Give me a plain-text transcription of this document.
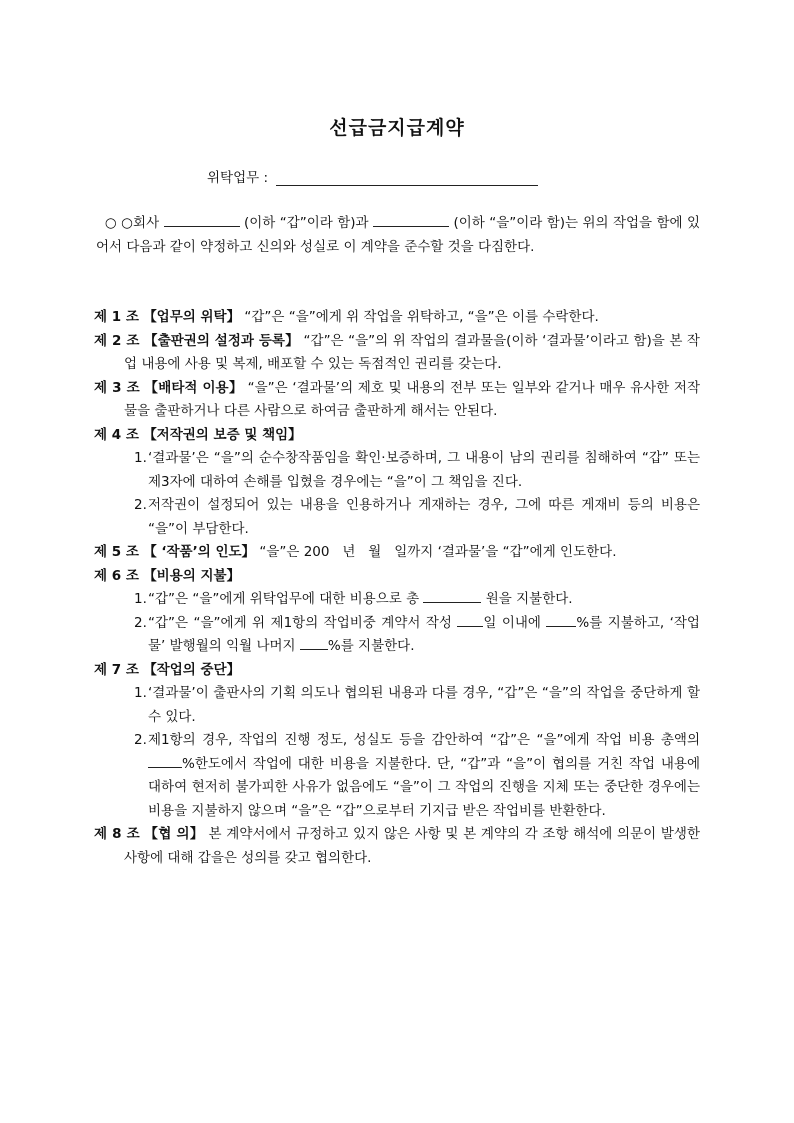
선급금지급계약
위탁업무 :
○ ○회사	(이하 “갑”이라 함)과	(이하 “을”이라 함)는 위의 작업을 함에 있어서 다음과 같이 약정하고 신의와 성실로 이 계약을 준수할 것을 다짐한다.
제 1 조 【업무의 위탁】 “갑”은 “을”에게 위 작업을 위탁하고, “을”은 이를 수락한다.
제 2 조 【출판권의 설정과 등록】 “갑”은 “을”의 위 작업의 결과물을(이하 ‘결과물’이라고 함)을 본 작업 내용에 사용 및 복제, 배포할 수 있는 독점적인 권리를 갖는다.
제 3 조 【배타적 이용】 “을”은 ‘결과물’의 제호 및 내용의 전부 또는 일부와 같거나 매우 유사한 저작물을 출판하거나 다른 사람으로 하여금 출판하게 해서는 안된다.
제 4 조 【저작권의 보증 및 책임】
1.‘결과물’은 “을”의 순수창작품임을 확인·보증하며, 그 내용이 남의 권리를 침해하여 “갑” 또는 제3자에 대하여 손해를 입혔을 경우에는 “을”이 그 책임을 진다.
2.저작권이 설정되어 있는 내용을 인용하거나 게재하는 경우, 그에 따른 게재비 등의 비용은 “을”이 부담한다.
제 5 조 【 ‘작품’의 인도】 “을”은 200   년   월   일까지 ‘결과물’을 “갑”에게 인도한다.
제 6 조 【비용의 지불】
1.“갑”은 “을”에게 위탁업무에 대한 비용으로 총	원을 지불한다.
2.“갑”은 “을”에게 위 제1항의 작업비중 계약서 작성 일 이내에	%를 지불하고, ‘작업물’ 발행월의 익월 나머지 %를 지불한다.
제 7 조 【작업의 중단】
1.‘결과물’이 출판사의 기획 의도나 협의된 내용과 다를 경우, “갑”은 “을”의 작업을 중단하게 할 수 있다.
2.제1항의 경우, 작업의 진행 정도, 성실도 등을 감안하여 “갑”은 “을”에게 작업 비용 총액의 %한도에서 작업에 대한 비용을 지불한다. 단, “갑”과 “을”이 협의를 거친 작업 내용에 대하여 현저히 불가피한 사유가 없음에도 “을”이 그 작업의 진행을 지체 또는 중단한 경우에는 비용을 지불하지 않으며 “을”은 “갑”으로부터 기지급 받은 작업비를 반환한다.
제 8 조 【협 의】 본 계약서에서 규정하고 있지 않은 사항 및 본 계약의 각 조항 해석에 의문이 발생한 사항에 대해 갑을은 성의를 갖고 협의한다.
